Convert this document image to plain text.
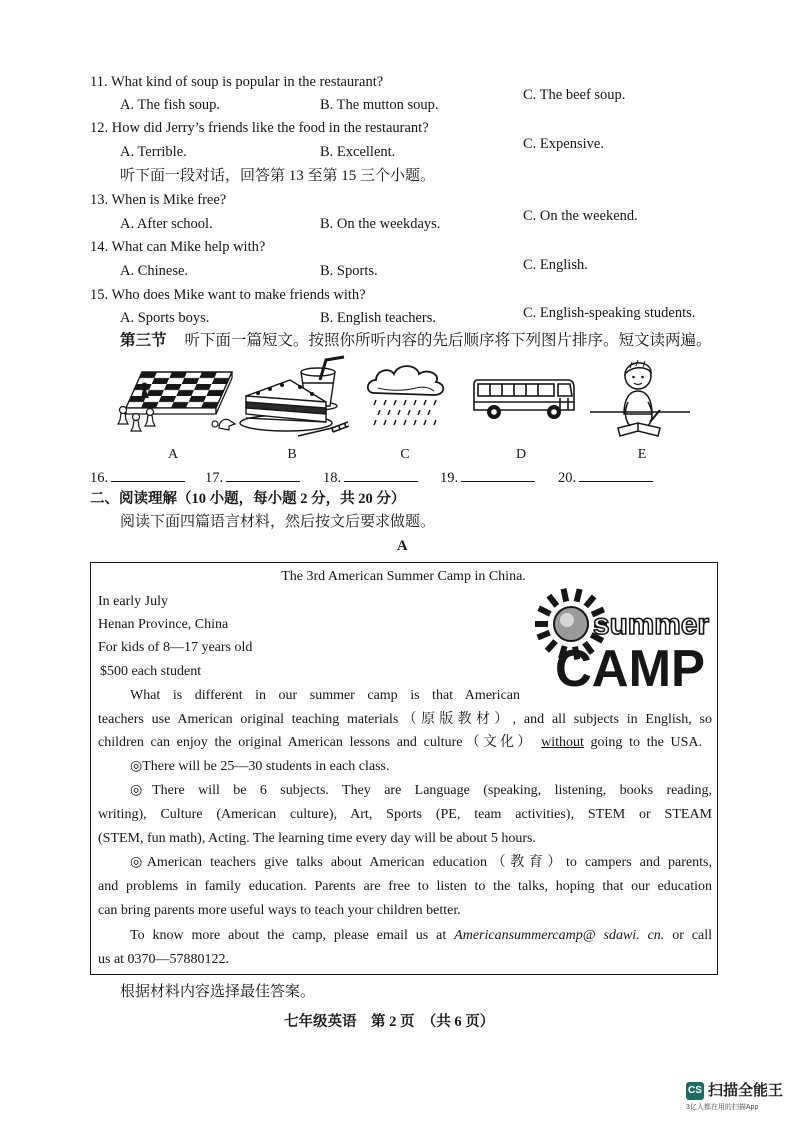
11. What kind of soup is popular in the restaurant?
A. The fish soup.	B. The mutton soup.
C. The beef soup.
12. How did Jerry’s friends like the food in the restaurant?
A. Terrible.	B. Excellent.	C. Expensive.
听下面一段对话，回答第 13 至第 15 三个小题。
13. When is Mike free?
A. After school.	B. On the weekdays.	C. On the weekend.
14. What can Mike help with?
A. Chinese.	B. Sports.	C. English.
15. Who does Mike want to make friends with?
A. Sports boys.	B. English teachers.	C. English-speaking students.
第三节 听下面一篇短文。按照你所听内容的先后顺序将下列图片排序。短文读两遍。
A	B	C	D	E
16.	17.	18.	19.	20.
二、阅读理解（10 小题，每小题 2 分，共 20 分）
阅读下面四篇语言材料，然后按文后要求做题。
A
The 3rd American Summer Camp in China.
In early July
Henan Province, China
For kids of 8—17 years old
$500 each student
summer
CAMP
What is different in our summer camp is that American
teachers use American original teaching materials（原版教材）, and all subjects in English, so
children can enjoy the original American lessons and culture（文化） without going to the USA.
◎There will be 25—30 students in each class.
◎There will be 6 subjects. They are Language (speaking, listening, books reading,
writing), Culture (American culture), Art, Sports (PE, team activities), STEM or STEAM
(STEM, fun math), Acting. The learning time every day will be about 5 hours.
◎American teachers give talks about American education（教育）to campers and parents,
and problems in family education. Parents are free to listen to the talks, hoping that our education
can bring parents more useful ways to teach your children better.
To know more about the camp, please email us at Americansummercamp@ sdawi. cn. or call
us at 0370—57880122.
根据材料内容选择最佳答案。
七年级英语　第 2 页　（共 6 页）
CS 扫描全能王
3亿人都在用的扫描App
